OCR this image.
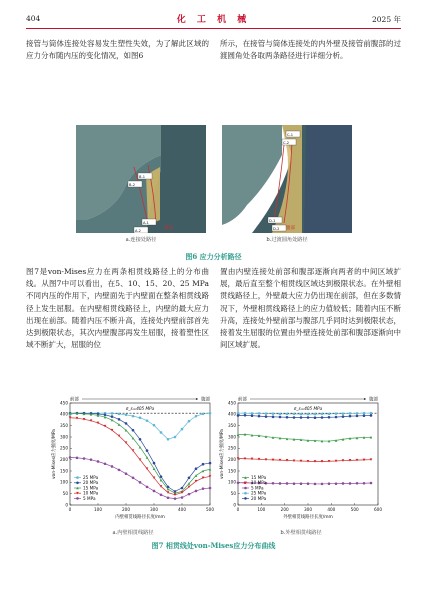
404	化 工 机 械	2025 年
接管与筒体连接处容易发生塑性失效，为了解此区域的应力分布随内压的变化情况，如图6
所示，在接管与筒体连接处的内外壁及接管前腹部的过渡圆角处各取两条路径进行详细分析。
B-1
B-2
A-1
A-2	腹部
a.连接处路径
C-1
C-2
D-1
D-2 腹部
b.过渡圆角处路径
图6 应力分析路径
图7是von-Mises应力在两条相贯线路径上的分布曲线。从图7中可以看出，在5、10、15、20、25 MPa不同内压的作用下，内壁面先于内壁面在整条相贯线路径上发生屈服。在内壁相贯线路径上，内壁的最大应力出现在前部。随着内压不断升高，连接处内壁前部首先达到极限状态，其次内壁腹部再发生屈服，接着塑性区域不断扩大，屈服的位
置由内壁连接处前部和腹部逐渐向两者的中间区域扩展，最后直至整个相贯线区域达到极限状态。在外壁相贯线路径上，外壁最大应力仍出现在前部，但在多数情况下，外壁相贯线路径上的应力值较低；随着内压不断升高，连接处外壁前部与腹部几乎同时达到极限状态，接着发生屈服的位置由外壁连接处前部和腹部逐渐向中间区域扩展。
前部	腹部
0	100	200	300	400	500
0
50
100
150
200
250
300
350
400
450
内壁相贯线路径长度/mm
von-Mises应力强度/MPa
σ_s=405 MPa
25 MPa
20 MPa
15 MPa
10 MPa
5 MPa
a.内壁相贯线路径
前部	腹部
0	100	200	300	400	500	600
0
50
100
150
200
250
300
350
400
450
外壁相贯线路径长度/mm
von-Mises应力强度/MPa
σ_s=405 MPa
15 MPa
10 MPa
5 MPa
25 MPa
20 MPa
b.外壁相贯线路径
图7 相贯线处von-Mises应力分布曲线
